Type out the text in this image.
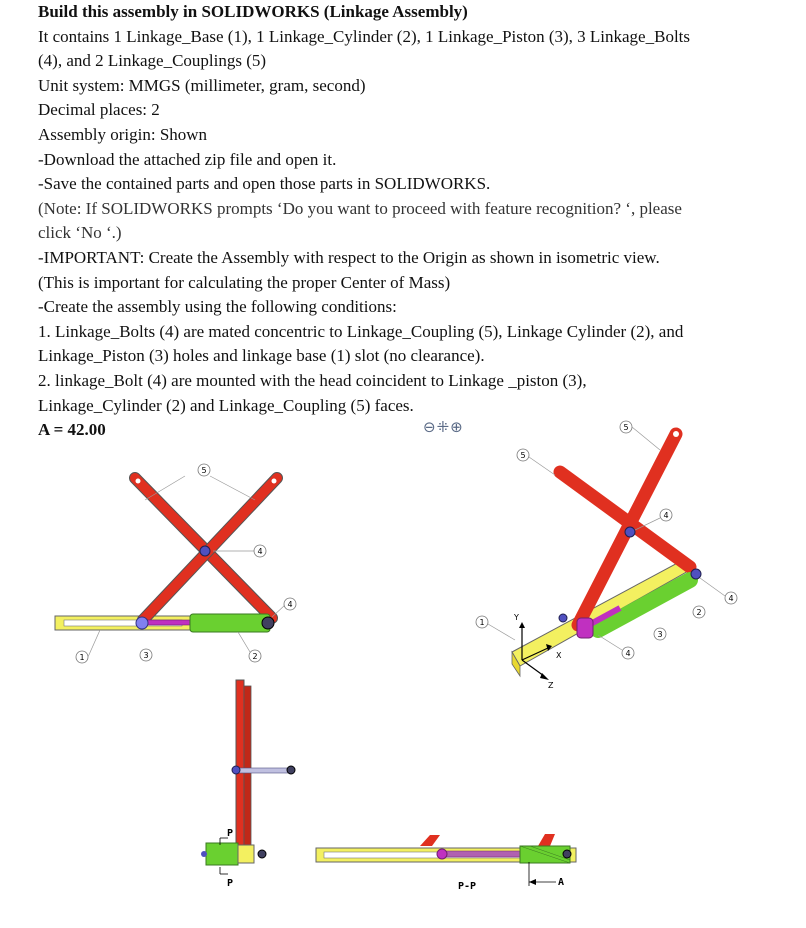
Build this assembly in SOLIDWORKS (Linkage Assembly)
It contains 1 Linkage_Base (1), 1 Linkage_Cylinder (2), 1 Linkage_Piston (3), 3 Linkage_Bolts
(4), and 2 Linkage_Couplings (5)
Unit system: MMGS (millimeter, gram, second)
Decimal places: 2
Assembly origin: Shown
-Download the attached zip file and open it.
-Save the contained parts and open those parts in SOLIDWORKS.
(Note: If SOLIDWORKS prompts ‘Do you want to proceed with feature recognition? ‘, please
click ‘No ‘.)
-IMPORTANT: Create the Assembly with respect to the Origin as shown in isometric view.
(This is important for calculating the proper Center of Mass)
-Create the assembly using the following conditions:
1. Linkage_Bolts (4) are mated concentric to Linkage_Coupling (5), Linkage Cylinder (2), and
Linkage_Piston (3) holes and linkage base (1) slot (no clearance).
2. linkage_Bolt (4) are mounted with the head coincident to Linkage _piston (3),
Linkage_Cylinder (2) and Linkage_Coupling (5) faces.
A = 42.00	⊖⁜⊕
5
4
4
1	3	2
5
5
4
4
2
3
4
1
Y
X
Z
P
P	A
P-P
